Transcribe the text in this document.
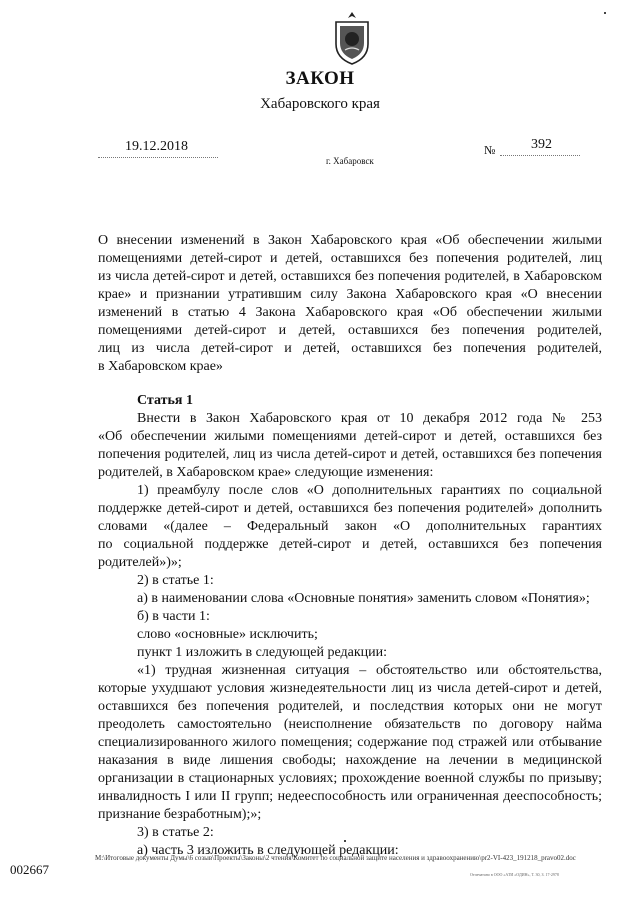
ЗАКОН
Хабаровского края
19.12.2018	№	392
г. Хабаровск
О внесении изменений в Закон Хабаровского края «Об обеспечении жилыми
помещениями детей-сирот и детей, оставшихся без попечения родителей, лиц
из числа детей-сирот и детей, оставшихся без попечения родителей, в Хабаровском
крае» и признании утратившим силу Закона Хабаровского края «О внесении
изменений в статью 4 Закона Хабаровского края «Об обеспечении жилыми
помещениями детей-сирот и детей, оставшихся без попечения родителей,
лиц из числа детей-сирот и детей, оставшихся без попечения родителей,
в Хабаровском крае»
Статья 1
Внести в Закон Хабаровского края от 10 декабря 2012 года № 253
«Об обеспечении жилыми помещениями детей-сирот и детей, оставшихся без
попечения родителей, лиц из числа детей-сирот и детей, оставшихся без попечения
родителей, в Хабаровском крае» следующие изменения:
1) преамбулу после слов «О дополнительных гарантиях по социальной
поддержке детей-сирот и детей, оставшихся без попечения родителей» дополнить
словами «(далее – Федеральный закон «О дополнительных гарантиях
по социальной поддержке детей-сирот и детей, оставшихся без попечения
родителей»)»;
2) в статье 1:
а) в наименовании слова «Основные понятия» заменить словом «Понятия»;
б) в части 1:
слово «основные» исключить;
пункт 1 изложить в следующей редакции:
«1) трудная жизненная ситуация – обстоятельство или обстоятельства,
которые ухудшают условия жизнедеятельности лиц из числа детей-сирот и детей,
оставшихся без попечения родителей, и последствия которых они не могут
преодолеть самостоятельно (неисполнение обязательств по договору найма
специализированного жилого помещения; содержание под стражей или отбывание
наказания в виде лишения свободы; нахождение на лечении в медицинской
организации в стационарных условиях; прохождение военной службы по призыву;
инвалидность I или II групп; недееспособность или ограниченная дееспособность;
признание безработным);»;
3) в статье 2:
а) часть 3 изложить в следующей редакции:
М:\Итоговые документы Думы\6 созыв\Проекты\Законы\2 чтения\Комитет по социальной защите населения и здравоохранению\pr2-VI-423_191218_pravo02.doc
002667	Отпечатано в ООО «АТИ «ОДИН», Т. 30, З. 17-2978
